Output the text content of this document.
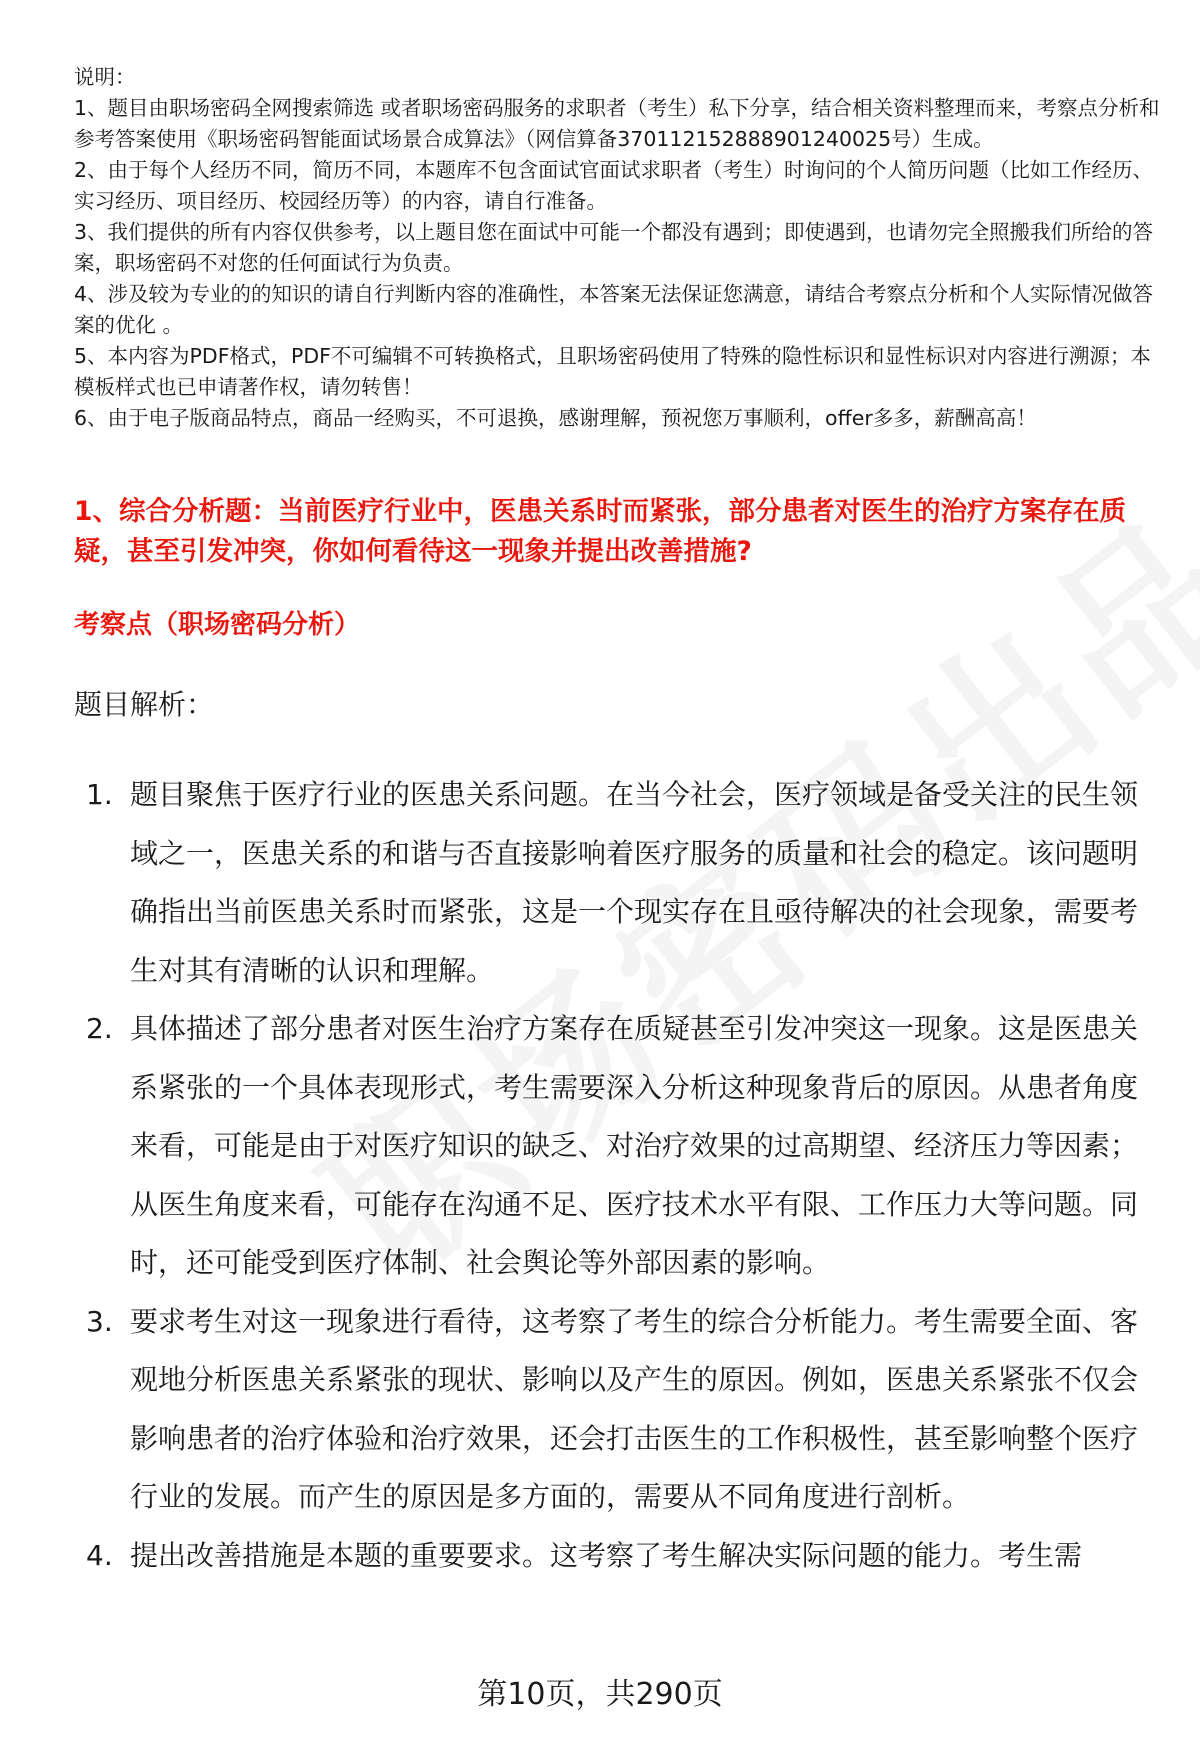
说明：

1、题目由职场密码全网搜索筛选 或者职场密码服务的求职者（考生）私下分享，结合相关资料整理而来，考察点分析和参考答案使用《职场密码智能面试场景合成算法》（网信算备370112152888901240025号）生成。

2、由于每个人经历不同，简历不同，本题库不包含面试官面试求职者（考生）时询问的个人简历问题（比如工作经历、实习经历、项目经历、校园经历等）的内容，请自行准备。

3、我们提供的所有内容仅供参考，以上题目您在面试中可能一个都没有遇到；即使遇到，也请勿完全照搬我们所给的答案，职场密码不对您的任何面试行为负责。

4、涉及较为专业的的知识的请自行判断内容的准确性，本答案无法保证您满意，请结合考察点分析和个人实际情况做答案的优化 。

5、本内容为PDF格式，PDF不可编辑不可转换格式，且职场密码使用了特殊的隐性标识和显性标识对内容进行溯源；本模板样式也已申请著作权，请勿转售！

6、由于电子版商品特点，商品一经购买，不可退换，感谢理解，预祝您万事顺利，offer多多，薪酬高高！

1、综合分析题：当前医疗行业中，医患关系时而紧张，部分患者对医生的治疗方案存在质疑，甚至引发冲突，你如何看待这一现象并提出改善措施?
考察点（职场密码分析）
题目解析：
1. 题目聚焦于医疗行业的医患关系问题。在当今社会，医疗领域是备受关注的民生领域之一，医患关系的和谐与否直接影响着医疗服务的质量和社会的稳定。该问题明确指出当前医患关系时而紧张，这是一个现实存在且亟待解决的社会现象，需要考生对其有清晰的认识和理解。
2. 具体描述了部分患者对医生治疗方案存在质疑甚至引发冲突这一现象。这是医患关系紧张的一个具体表现形式，考生需要深入分析这种现象背后的原因。从患者角度来看，可能是由于对医疗知识的缺乏、对治疗效果的过高期望、经济压力等因素；从医生角度来看，可能存在沟通不足、医疗技术水平有限、工作压力大等问题。同时，还可能受到医疗体制、社会舆论等外部因素的影响。
3. 要求考生对这一现象进行看待，这考察了考生的综合分析能力。考生需要全面、客观地分析医患关系紧张的现状、影响以及产生的原因。例如，医患关系紧张不仅会影响患者的治疗体验和治疗效果，还会打击医生的工作积极性，甚至影响整个医疗行业的发展。而产生的原因是多方面的，需要从不同角度进行剖析。
4. 提出改善措施是本题的重要要求。这考察了考生解决实际问题的能力。考生需
第10页，共290页
